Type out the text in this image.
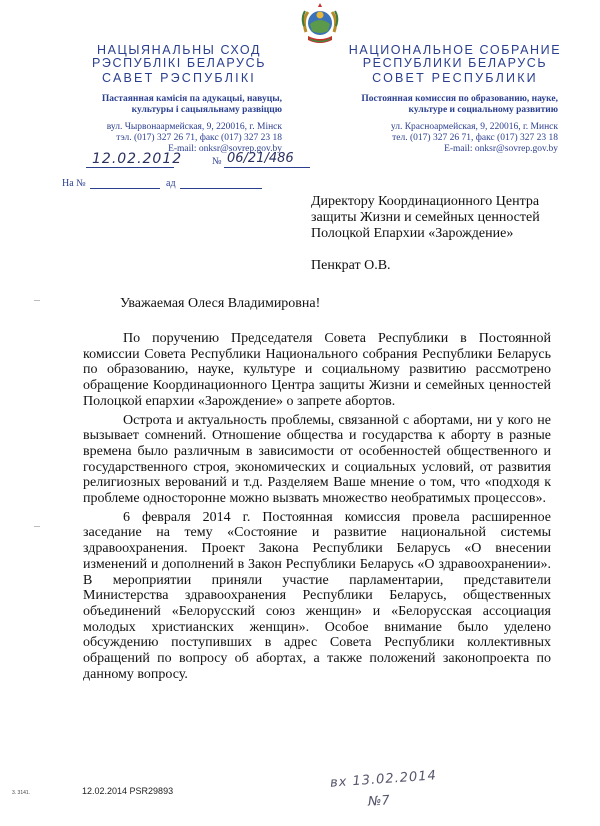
НАЦЫЯНАЛЬНЫ СХОД
РЭСПУБЛІКІ БЕЛАРУСЬ
САВЕТ РЭСПУБЛІКІ
Пастаянная камісія па адукацыі, навуцы, культуры і сацыяльнаму развіццю
вул. Чырвонаармейская, 9, 220016, г. Мінск
тэл. (017) 327 26 71, факс (017) 327 23 18
E-mail: onksr@sovrep.gov.by
НАЦИОНАЛЬНОЕ СОБРАНИЕ
РЕСПУБЛИКИ БЕЛАРУСЬ
СОВЕТ РЕСПУБЛИКИ
Постоянная комиссия по образованию, науке, культуре и социальному развитию
ул. Красноармейская, 9, 220016, г. Минск
тел. (017) 327 26 71, факс (017) 327 23 18
E-mail: onksr@sovrep.gov.by
12.02.2012	№ 06/21/486
На №	ад
Директору Координационного Центра
защиты Жизни и семейных ценностей
Полоцкой Епархии «Зарождение»
Пенкрат О.В.
Уважаемая Олеся Владимировна!

По поручению Председателя Совета Республики в Постоянной комиссии Совета Республики Национального собрания Республики Беларусь по образованию, науке, культуре и социальному развитию рассмотрено обращение Координационного Центра защиты Жизни и семейных ценностей Полоцкой епархии «Зарождение» о запрете абортов.

Острота и актуальность проблемы, связанной с абортами, ни у кого не вызывает сомнений. Отношение общества и государства к аборту в разные времена было различным в зависимости от особенностей общественного и государственного строя, экономических и социальных условий, от развития религиозных верований и т.д. Разделяем Ваше мнение о том, что «подходя к проблеме односторонне можно вызвать множество необратимых процессов».

6 февраля 2014 г. Постоянная комиссия провела расширенное заседание на тему «Состояние и развитие национальной системы здравоохранения. Проект Закона Республики Беларусь «О внесении изменений и дополнений в Закон Республики Беларусь «О здравоохранении». В мероприятии приняли участие парламентарии, представители Министерства здравоохранения Республики Беларусь, общественных объединений «Белорусский союз женщин» и «Белорусская ассоциация молодых христианских женщин». Особое внимание было уделено обсуждению поступивших в адрес Совета Республики коллективных обращений по вопросу об абортах, а также положений законопроекта по данному вопросу.

3. 3141.	12.02.2014 PSR29893
вх 13.02.2014
№7
